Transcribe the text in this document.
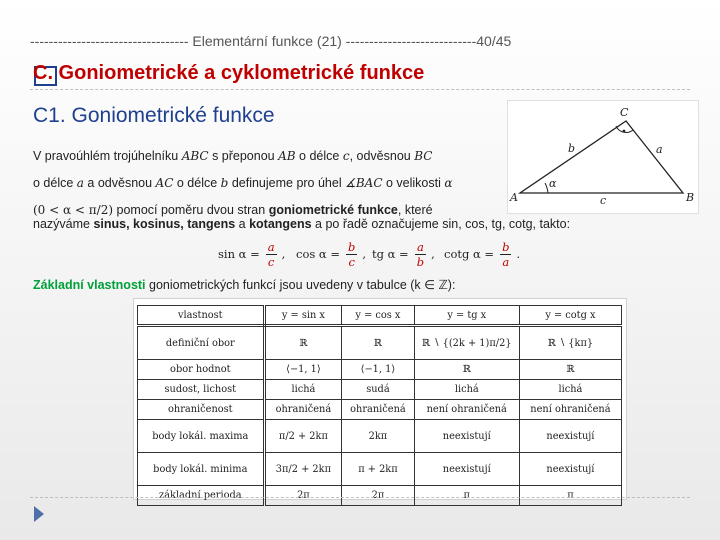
---------------------------------- Elementární funkce (21) ----------------------------40/45
C. Goniometrické a cyklometrické funkce
C1. Goniometrické funkce
V pravoúhlém trojúhelníku ABC s přeponou AB o délce c, odvěsnou BC
o délce a a odvěsnou AC o délce b definujeme pro úhel ∡BAC o velikosti α
(0 < α < π/2) pomocí poměru dvou stran goniometrické funkce, které
nazýváme sinus, kosinus, tangens a kotangens a po řadě označujeme sin, cos, tg, cotg, takto:
A	B
C
a
b
c
α
$\sin \alpha = \frac{a}{c}$ , $\cos \alpha = \frac{b}{c}$ , tg $\alpha = \frac{a}{b}$ , cotg $\alpha = \frac{b}{a}$ .
Základní vlastnosti goniometrických funkcí jsou uvedeny v tabulce (k ∈ ℤ):
vlastnost	y = sin x	y = cos x	y = tg x	y = cotg x
definiční obor	ℝ	ℝ	ℝ ∖ {(2k + 1)π/2}	ℝ ∖ {kπ}
obor hodnot	⟨−1, 1⟩	⟨−1, 1⟩	ℝ	ℝ
sudost, lichost	lichá	sudá	lichá	lichá
ohraničenost	ohraničená	ohraničená	není ohraničená	není ohraničená
body lokál. maxima	π/2 + 2kπ	2kπ	neexistují	neexistují
body lokál. minima	3π/2 + 2kπ	π + 2kπ	neexistují	neexistují
základní perioda	2π	2π	π	π
